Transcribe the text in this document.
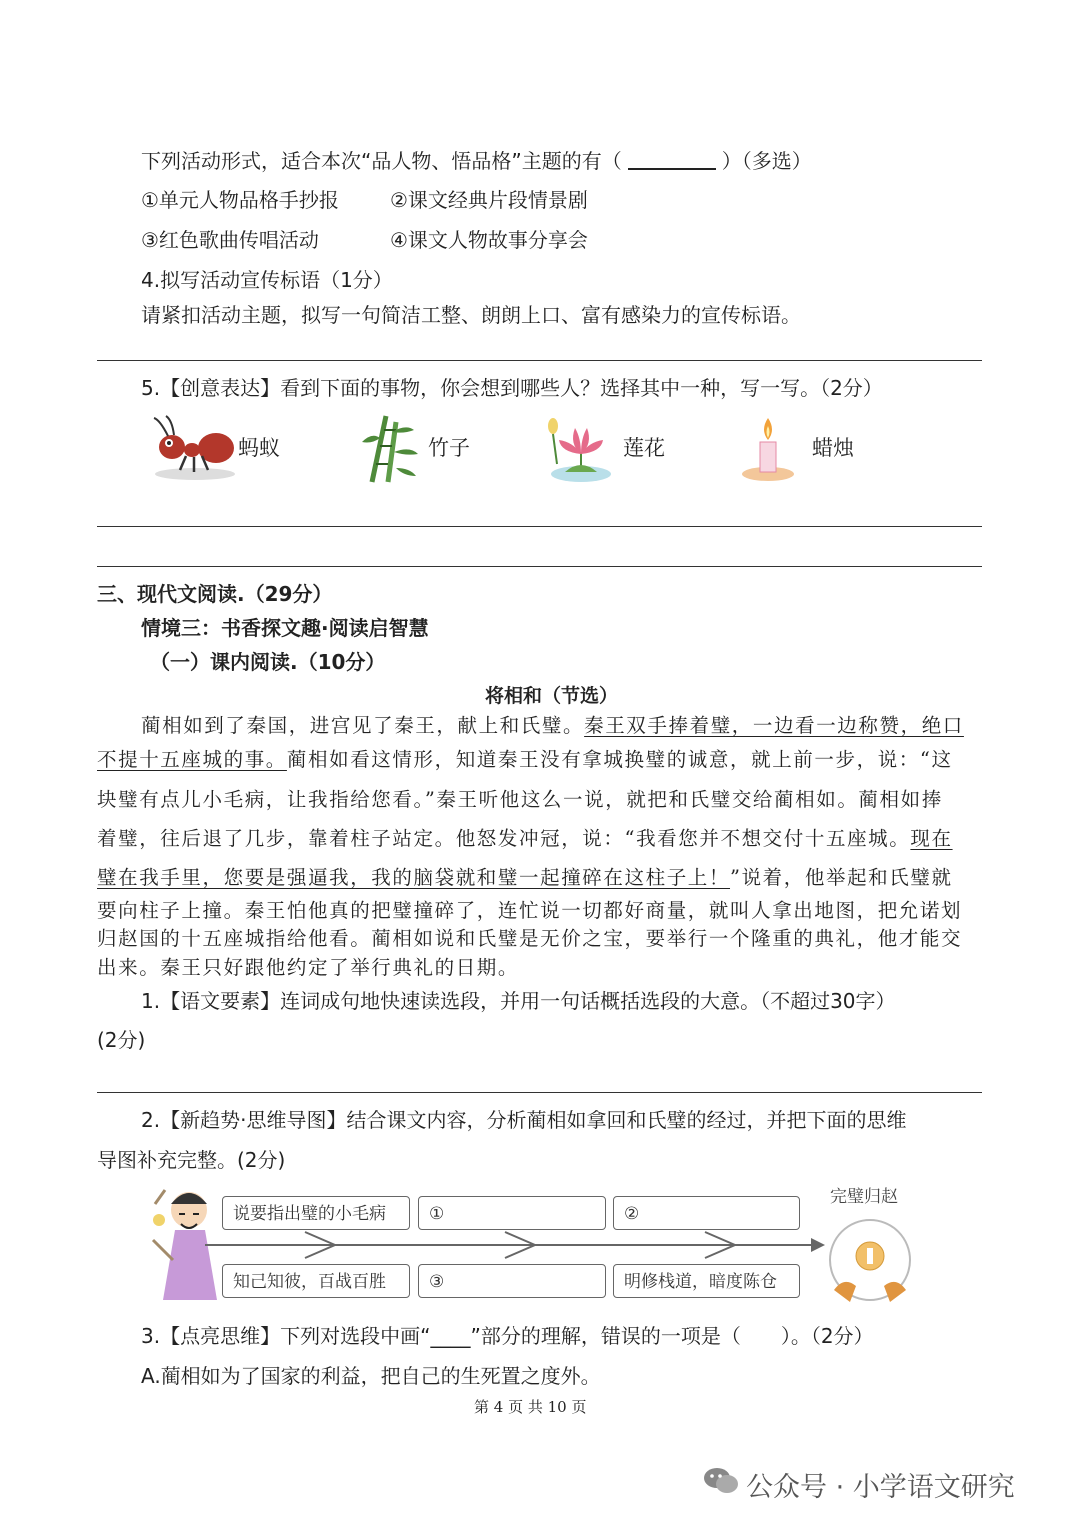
下列活动形式，适合本次“品人物、悟品格”主题的有（	）（多选）
①单元人物品格手抄报	②课文经典片段情景剧
③红色歌曲传唱活动	④课文人物故事分享会
4.拟写活动宣传标语（1分）
请紧扣活动主题，拟写一句简洁工整、朗朗上口、富有感染力的宣传标语。
5.【创意表达】看到下面的事物，你会想到哪些人？选择其中一种，写一写。（2分）
蚂蚁	竹子	莲花	蜡烛
三、现代文阅读.（29分）
情境三：书香探文趣·阅读启智慧
（一）课内阅读.（10分）
将相和（节选）
蔺相如到了秦国，进宫见了秦王，献上和氏璧。秦王双手捧着璧，一边看一边称赞，绝口
不提十五座城的事。蔺相如看这情形，知道秦王没有拿城换璧的诚意，就上前一步，说：“这
块璧有点儿小毛病，让我指给您看。”秦王听他这么一说，就把和氏璧交给蔺相如。蔺相如捧
着璧，往后退了几步，靠着柱子站定。他怒发冲冠，说：“我看您并不想交付十五座城。现在
璧在我手里，您要是强逼我，我的脑袋就和璧一起撞碎在这柱子上！”说着，他举起和氏璧就
要向柱子上撞。秦王怕他真的把璧撞碎了，连忙说一切都好商量，就叫人拿出地图，把允诺划
归赵国的十五座城指给他看。蔺相如说和氏璧是无价之宝，要举行一个隆重的典礼，他才能交
出来。秦王只好跟他约定了举行典礼的日期。
1.【语文要素】连词成句地快速读选段，并用一句话概括选段的大意。（不超过30字）
(2分)
2.【新趋势·思维导图】结合课文内容，分析蔺相如拿回和氏璧的经过，并把下面的思维
导图补充完整。(2分)
说要指出璧的小毛病	①	②
知己知彼，百战百胜	③	明修栈道，暗度陈仓
完璧归赵
3.【点亮思维】下列对选段中画“____”部分的理解，错误的一项是（　　）。（2分）
A.蔺相如为了国家的利益，把自己的生死置之度外。
第 4 页 共 10 页
公众号 · 小学语文研究
